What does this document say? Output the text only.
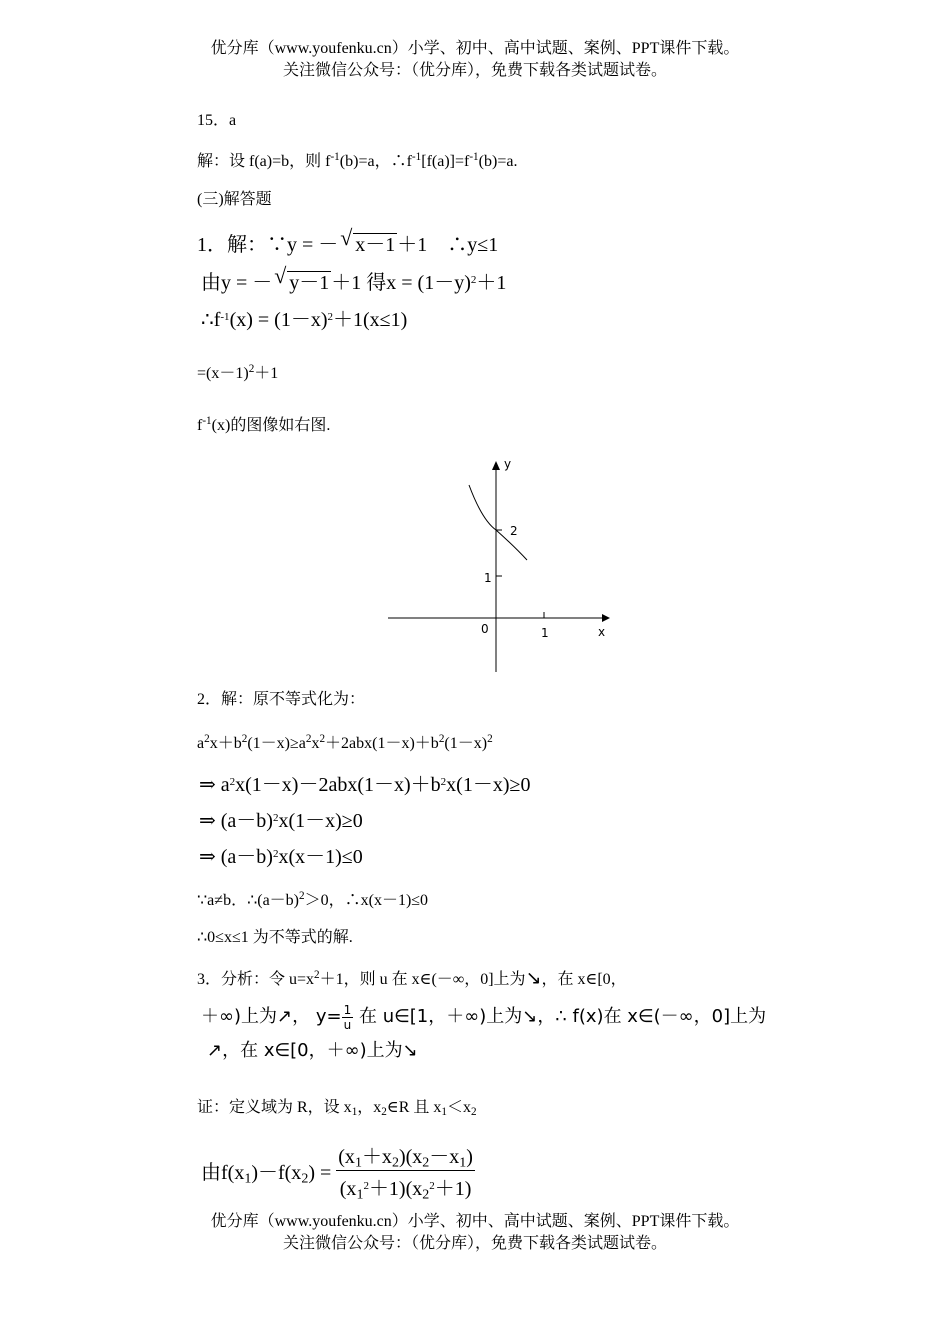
优分库（www.youfenku.cn）小学、初中、高中试题、案例、PPT课件下载。
关注微信公众号：（优分库），免费下载各类试题试卷。
15．a
解：设 f(a)=b，则 $f^{-1}(b)=a$，$\therefore f^{-1}[f(a)]=f^{-1}(b)=a$.
(三)解答题
1．解：∵y = － √ x－1 ＋1　∴y≤1
由y = － √ y－1 ＋1 得$x = (1-y)^2+1$
$\therefore f^{-1}(x) = (1-x)^2+1(x\le 1)$
$=(x-1)^2+1$
$f^{-1}(x)$的图像如右图.
y
x
0	1
1
2
2．解：原不等式化为：
$a^2x+b^2(1-x)\ge a^2x^2+2abx(1-x)+b^2(1-x)^2$
⇒ $a^2x(1-x)-2abx(1-x)+b^2x(1-x)\ge 0$
⇒ $(a-b)^2x(1-x)\ge 0$
⇒ $(a-b)^2x(x-1)\le 0$
∵a≠b．$\therefore(a-b)^2>0$，∴x(x－1)≤0
∴0≤x≤1 为不等式的解.
3．分析：令 $u=x^2+1$，则 u 在 x∈(－∞，0]上为↘，在 x∈[0，
＋∞)上为↗， $y= \frac{1}{u}$ 在 u∈[1，＋∞)上为↘，∴ f(x)在 x∈(－∞，0]上为
↗，在 x∈[0，＋∞)上为↘
证：定义域为 R，设 $x_1$，$x_2\in R$ 且 $x_1<x_2$
由$f(x_1)-f(x_2) = \frac{(x_1+x_2)(x_2-x_1)}{(x_1^2+1)(x_2^2+1)}$
优分库（www.youfenku.cn）小学、初中、高中试题、案例、PPT课件下载。
关注微信公众号：（优分库），免费下载各类试题试卷。
